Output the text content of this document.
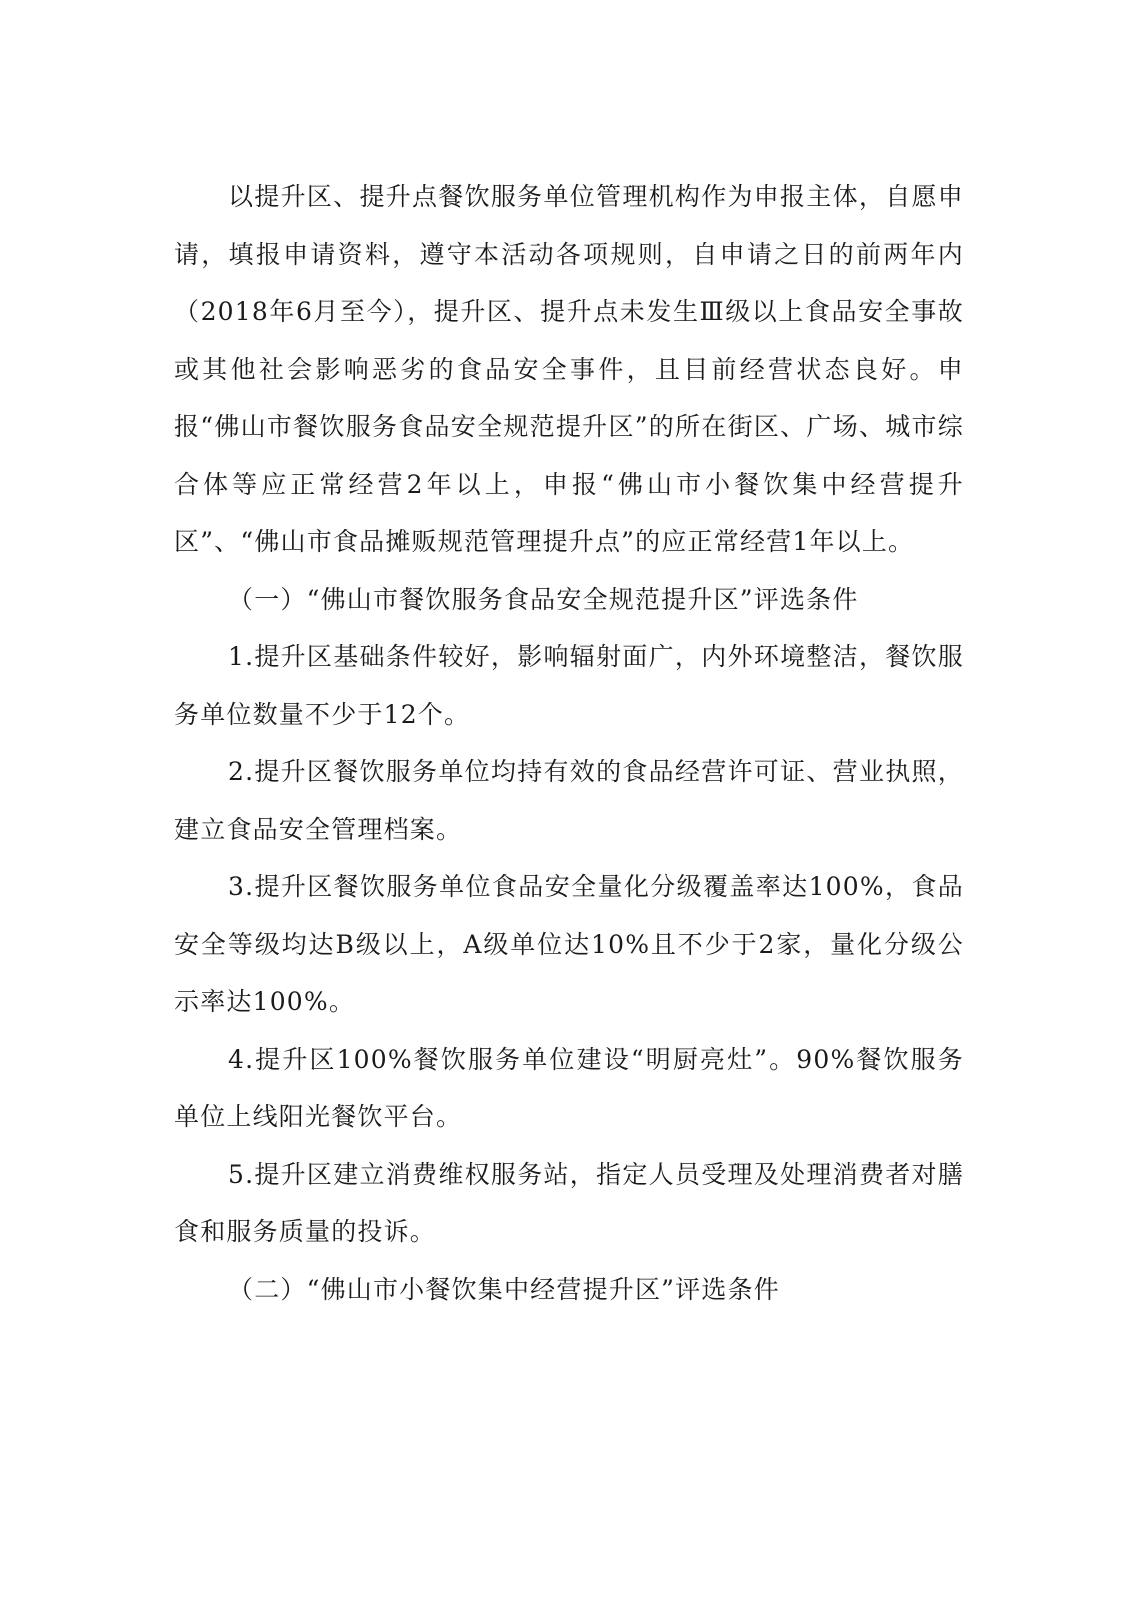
以提升区、提升点餐饮服务单位管理机构作为申报主体，自愿申请，填报申请资料，遵守本活动各项规则，自申请之日的前两年内（2018年6月至今），提升区、提升点未发生Ⅲ级以上食品安全事故或其他社会影响恶劣的食品安全事件，且目前经营状态良好。申报“佛山市餐饮服务食品安全规范提升区”的所在街区、广场、城市综合体等应正常经营2年以上，申报“佛山市小餐饮集中经营提升区”、“佛山市食品摊贩规范管理提升点”的应正常经营1年以上。

（一）“佛山市餐饮服务食品安全规范提升区”评选条件

1.提升区基础条件较好，影响辐射面广，内外环境整洁，餐饮服务单位数量不少于12个。

2.提升区餐饮服务单位均持有效的食品经营许可证、营业执照，建立食品安全管理档案。

3.提升区餐饮服务单位食品安全量化分级覆盖率达100%，食品安全等级均达B级以上，A级单位达10%且不少于2家，量化分级公示率达100%。

4.提升区100%餐饮服务单位建设“明厨亮灶”。90%餐饮服务单位上线阳光餐饮平台。

5.提升区建立消费维权服务站，指定人员受理及处理消费者对膳食和服务质量的投诉。

（二）“佛山市小餐饮集中经营提升区”评选条件
